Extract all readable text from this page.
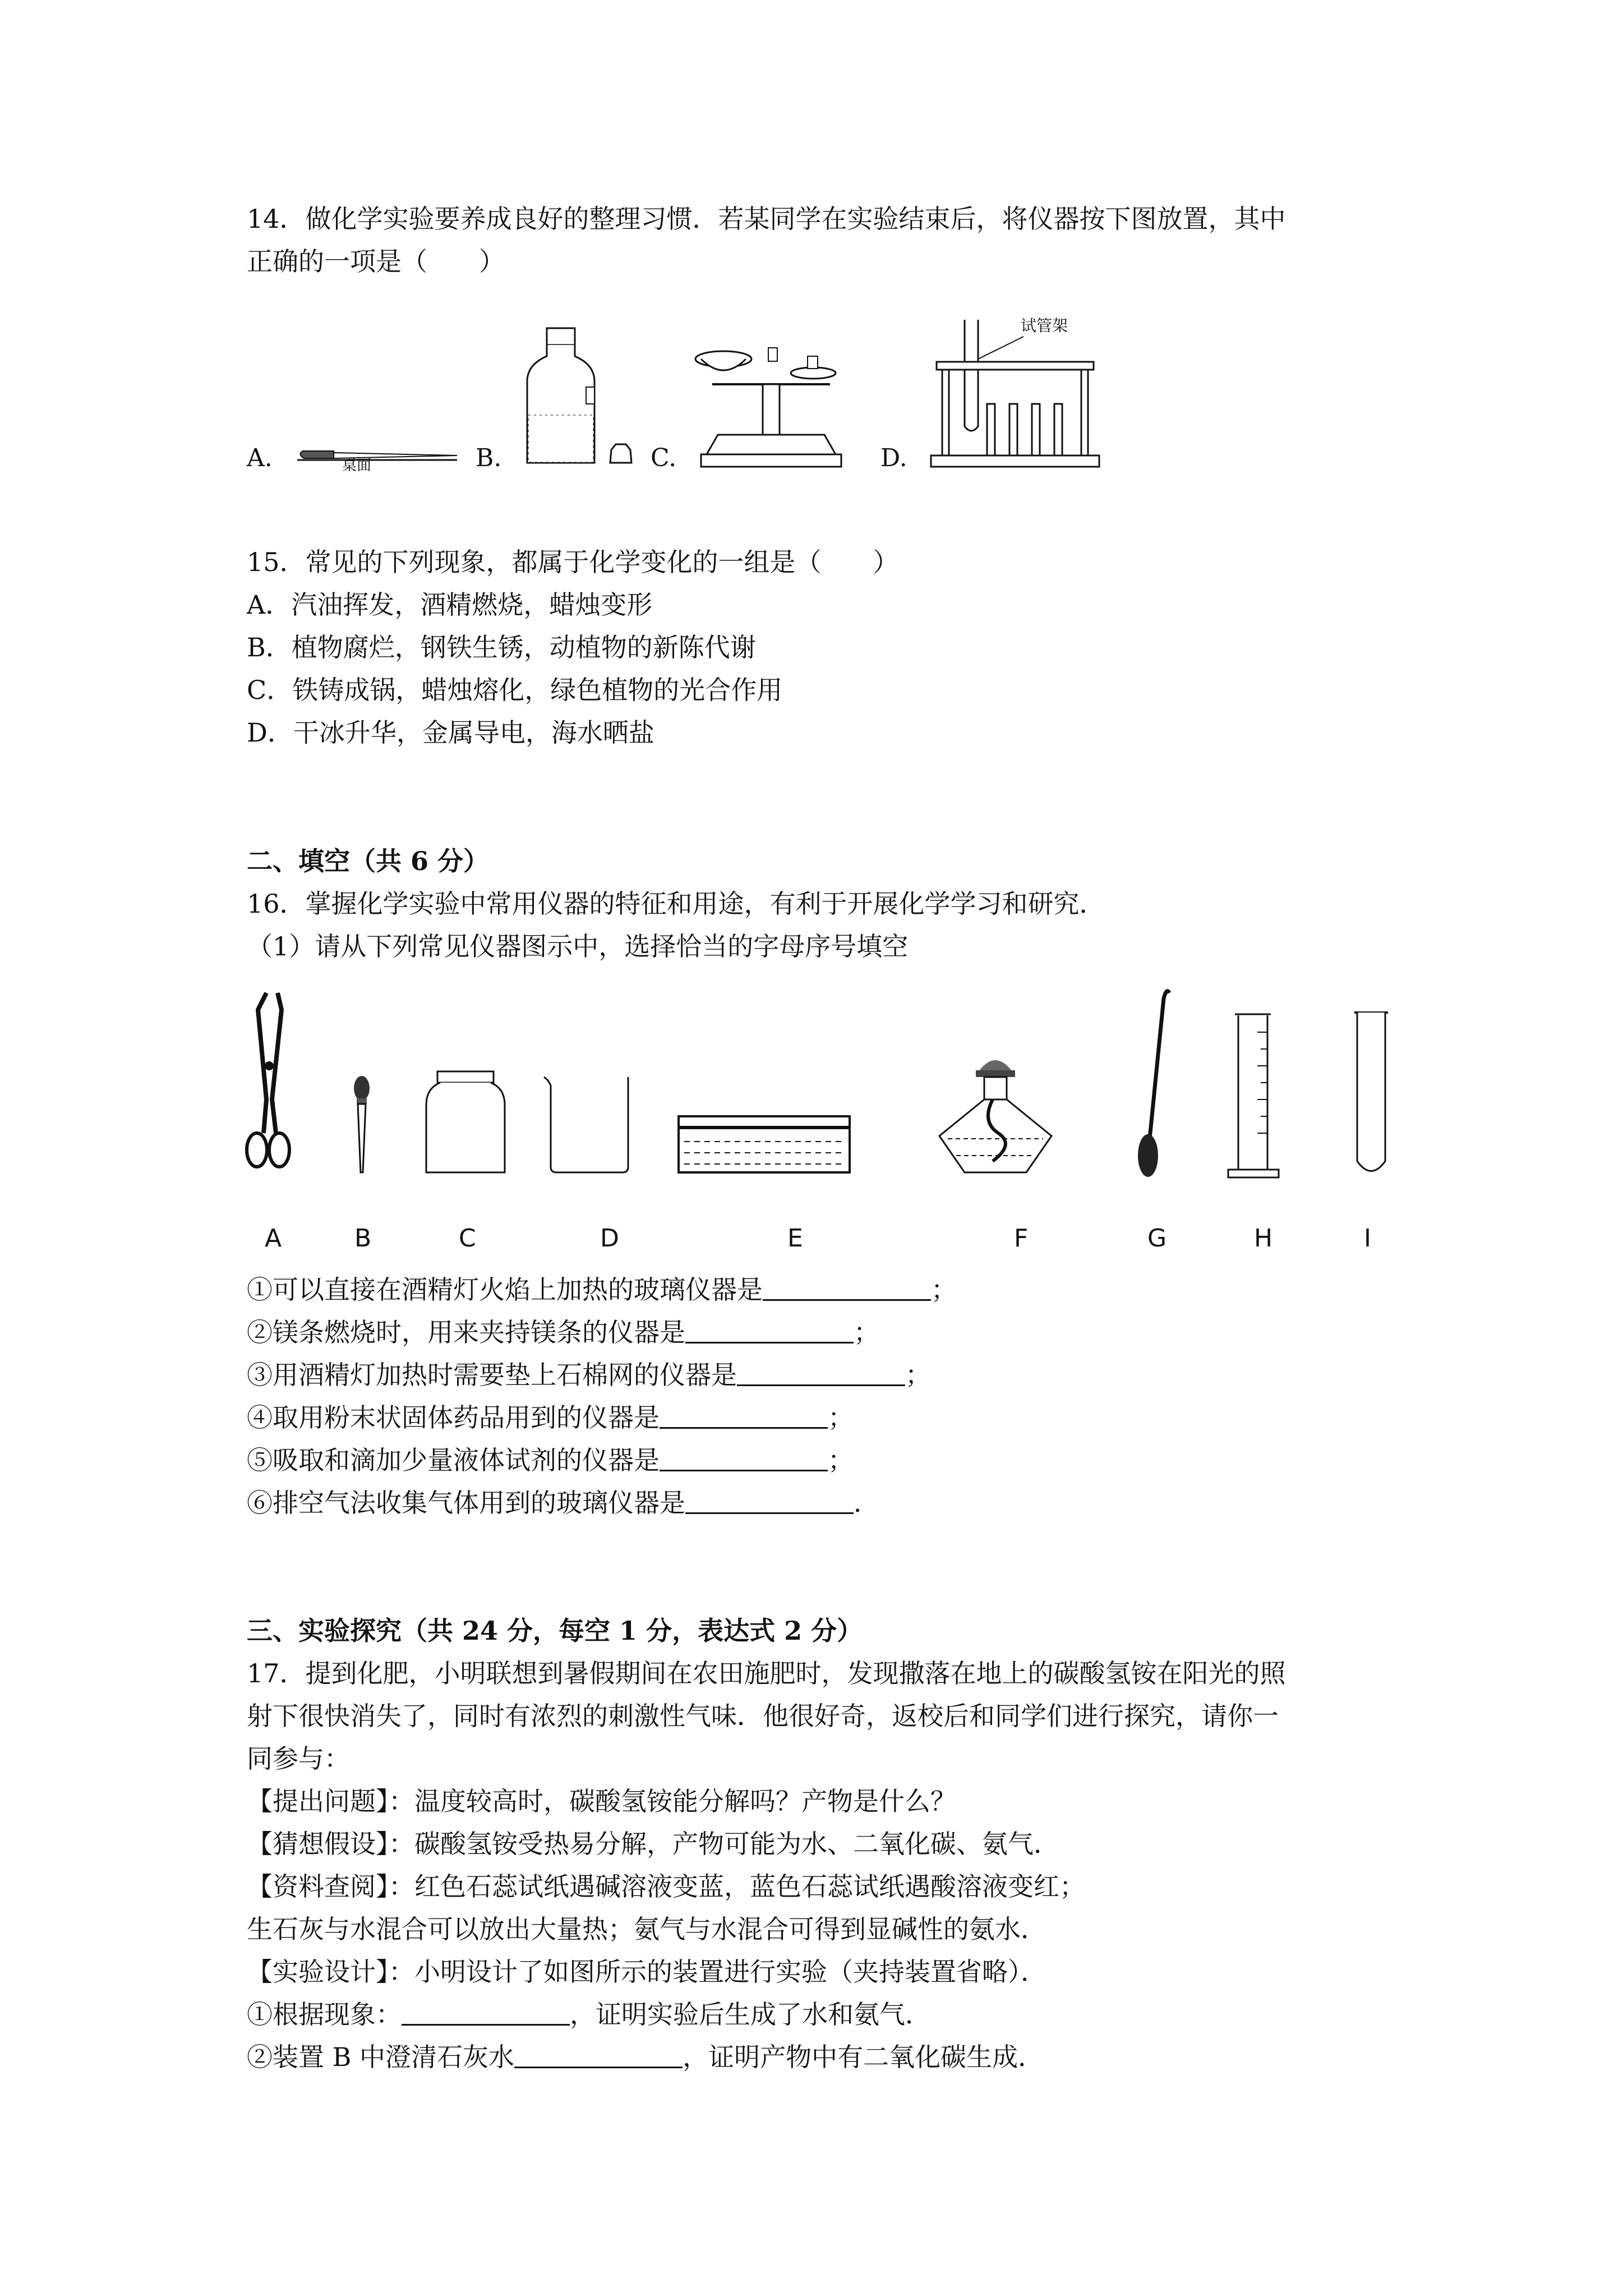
14．做化学实验要养成良好的整理习惯．若某同学在实验结束后，将仪器按下图放置，其中
正确的一项是（　　）
A.	B.	C.	D.
桌面
试管架
15．常见的下列现象，都属于化学变化的一组是（　　）
A．汽油挥发，酒精燃烧，蜡烛变形
B．植物腐烂，钢铁生锈，动植物的新陈代谢
C．铁铸成锅，蜡烛熔化，绿色植物的光合作用
D．干冰升华，金属导电，海水晒盐
二、填空（共 6 分）
16．掌握化学实验中常用仪器的特征和用途，有利于开展化学学习和研究．
（1）请从下列常见仪器图示中，选择恰当的字母序号填空
A	B	C	D	E	F	G	H	I
①可以直接在酒精灯火焰上加热的玻璃仪器是	；
②镁条燃烧时，用来夹持镁条的仪器是	；
③用酒精灯加热时需要垫上石棉网的仪器是	；
④取用粉末状固体药品用到的仪器是	；
⑤吸取和滴加少量液体试剂的仪器是	；
⑥排空气法收集气体用到的玻璃仪器是	．
三、实验探究（共 24 分，每空 1 分，表达式 2 分）
17．提到化肥，小明联想到暑假期间在农田施肥时，发现撒落在地上的碳酸氢铵在阳光的照
射下很快消失了，同时有浓烈的刺激性气味．他很好奇，返校后和同学们进行探究，请你一
同参与：
【提出问题】：温度较高时，碳酸氢铵能分解吗？产物是什么？
【猜想假设】：碳酸氢铵受热易分解，产物可能为水、二氧化碳、氨气．
【资料查阅】：红色石蕊试纸遇碱溶液变蓝，蓝色石蕊试纸遇酸溶液变红；
生石灰与水混合可以放出大量热；氨气与水混合可得到显碱性的氨水．
【实验设计】：小明设计了如图所示的装置进行实验（夹持装置省略）．
①根据现象：	，证明实验后生成了水和氨气．
②装置 B 中澄清石灰水	，证明产物中有二氧化碳生成．
